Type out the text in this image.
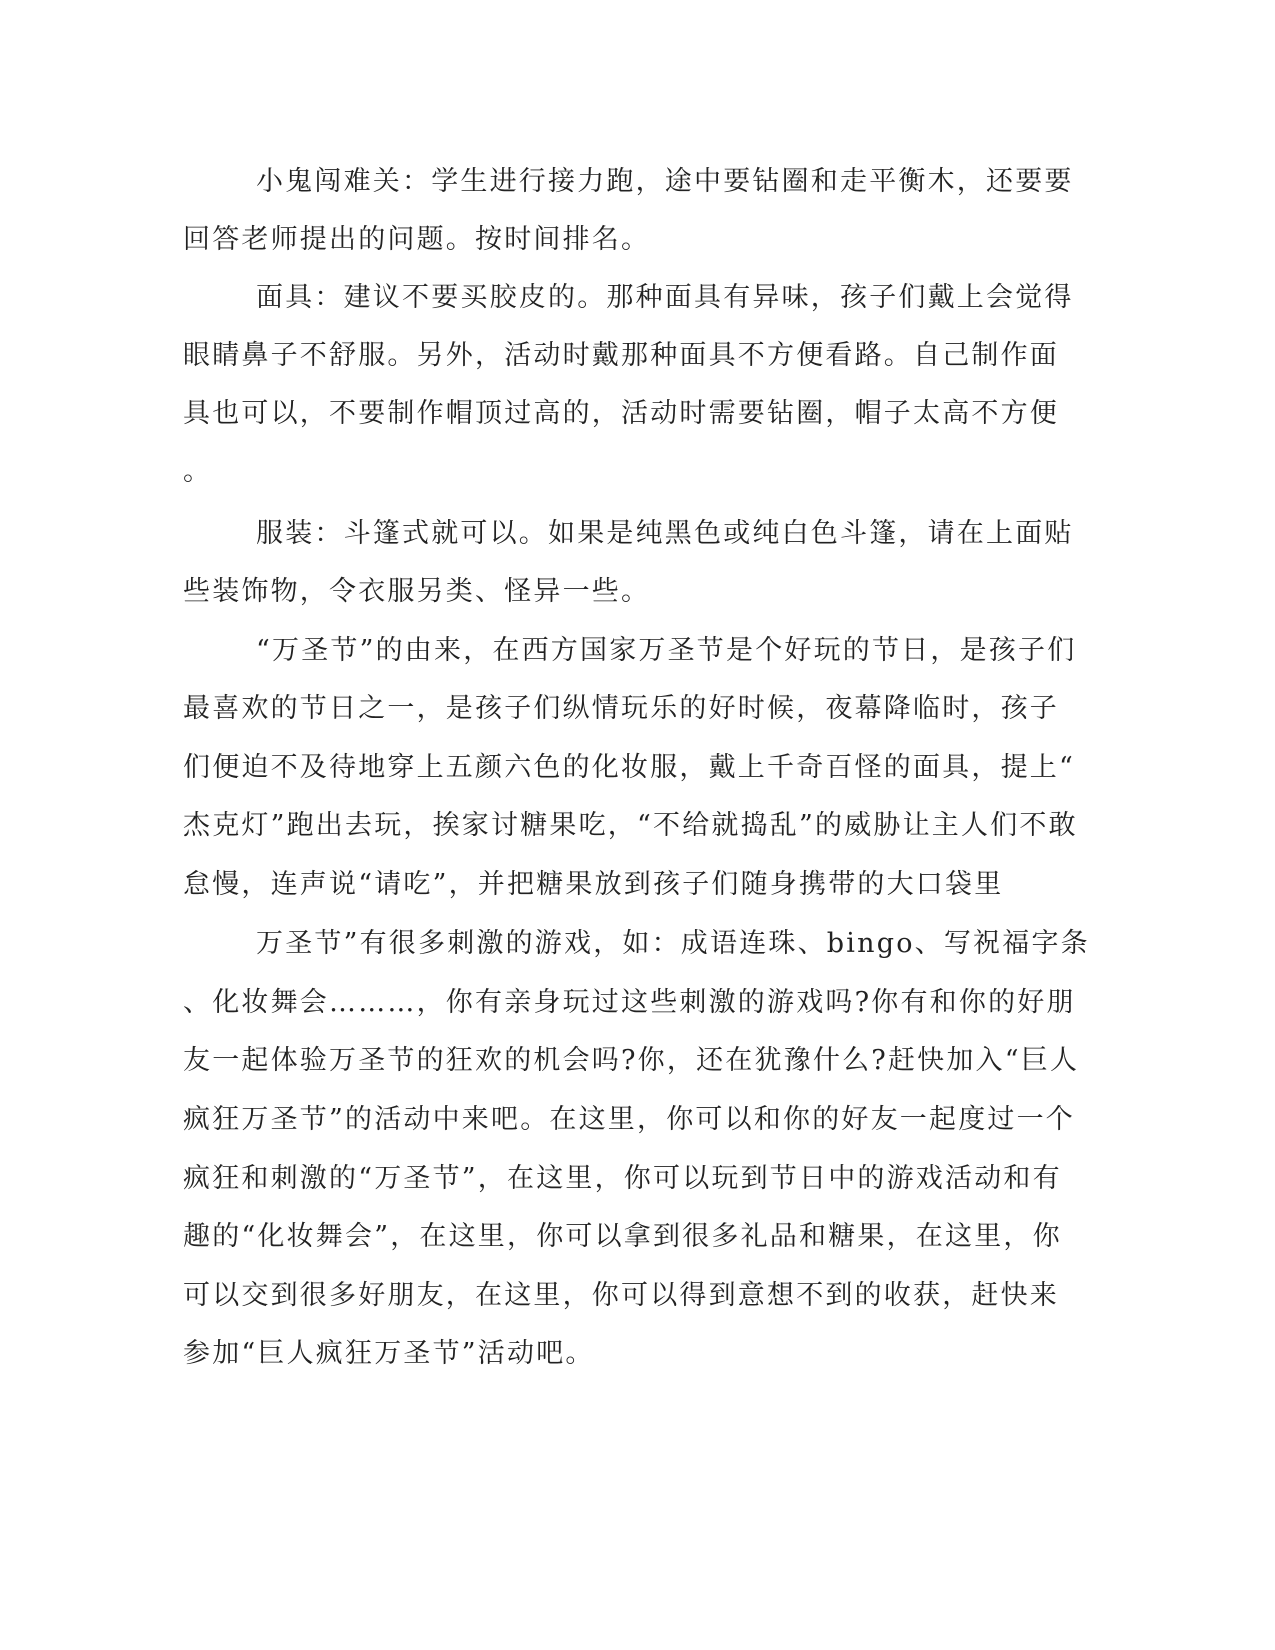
小鬼闯难关：学生进行接力跑，途中要钻圈和走平衡木，还要要
回答老师提出的问题。按时间排名。
面具：建议不要买胶皮的。那种面具有异味，孩子们戴上会觉得
眼睛鼻子不舒服。另外，活动时戴那种面具不方便看路。自己制作面
具也可以，不要制作帽顶过高的，活动时需要钻圈，帽子太高不方便
。
服装：斗篷式就可以。如果是纯黑色或纯白色斗篷，请在上面贴
些装饰物，令衣服另类、怪异一些。
“万圣节”的由来，在西方国家万圣节是个好玩的节日，是孩子们
最喜欢的节日之一，是孩子们纵情玩乐的好时候，夜幕降临时，孩子
们便迫不及待地穿上五颜六色的化妆服，戴上千奇百怪的面具，提上“
杰克灯”跑出去玩，挨家讨糖果吃，“不给就捣乱”的威胁让主人们不敢
怠慢，连声说“请吃”，并把糖果放到孩子们随身携带的大口袋里
万圣节”有很多刺激的游戏，如：成语连珠、bingo、写祝福字条
、化妆舞会………，你有亲身玩过这些刺激的游戏吗?你有和你的好朋
友一起体验万圣节的狂欢的机会吗?你，还在犹豫什么?赶快加入“巨人
疯狂万圣节”的活动中来吧。在这里，你可以和你的好友一起度过一个
疯狂和刺激的“万圣节”，在这里，你可以玩到节日中的游戏活动和有
趣的“化妆舞会”，在这里，你可以拿到很多礼品和糖果，在这里，你
可以交到很多好朋友，在这里，你可以得到意想不到的收获，赶快来
参加“巨人疯狂万圣节”活动吧。
